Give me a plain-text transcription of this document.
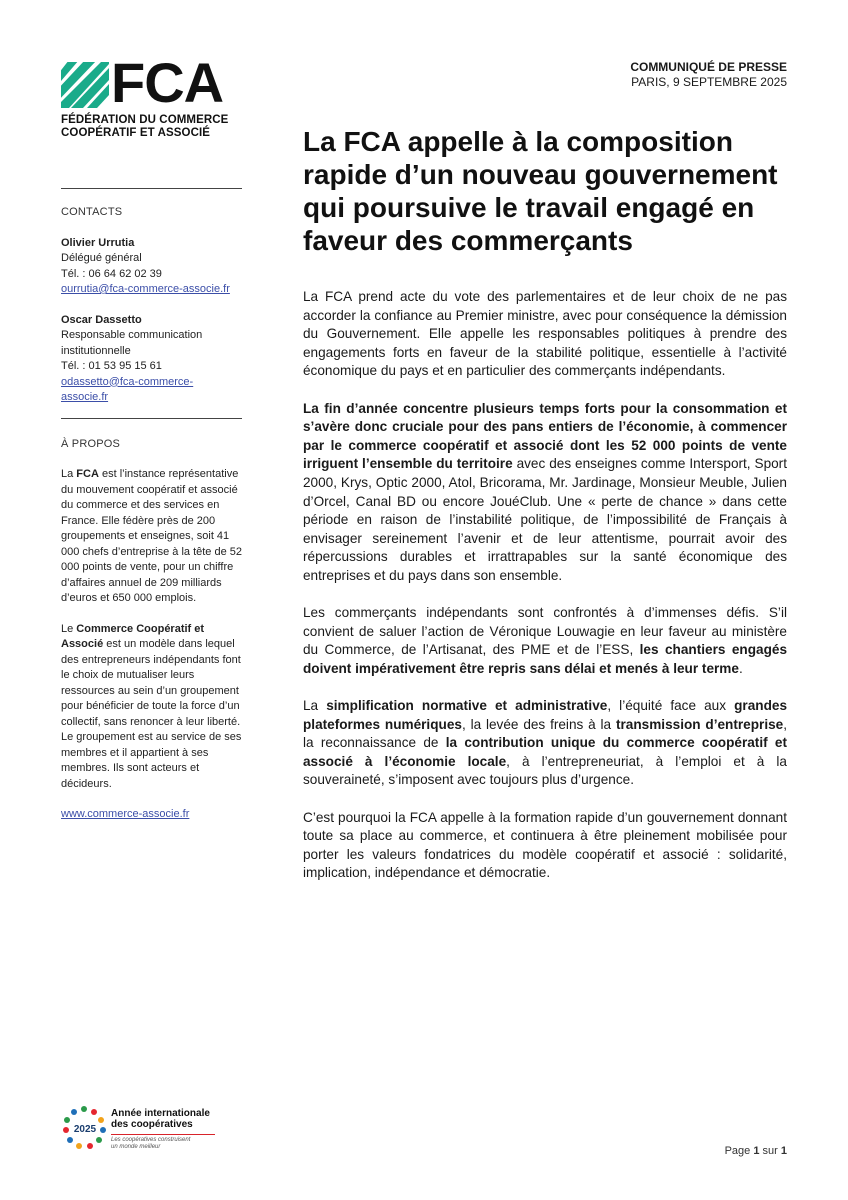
FCA
FÉDÉRATION DU COMMERCE
COOPÉRATIF ET ASSOCIÉ
COMMUNIQUÉ DE PRESSE
PARIS, 9 SEPTEMBRE 2025

CONTACTS

Olivier Urrutia

Délégué général

Tél. : 06 64 62 02 39

ourrutia@fca-commerce-associe.fr

Oscar Dassetto

Responsable communication

institutionnelle

Tél. : 01 53 95 15 61

odassetto@fca-commerce-
associe.fr

À PROPOS

La FCA est l’instance représentative du mouvement coopératif et associé du commerce et des services en France. Elle fédère près de 200 groupements et enseignes, soit 41 000 chefs d’entreprise à la tête de 52 000 points de vente, pour un chiffre d’affaires annuel de 209 milliards d’euros et 650 000 emplois.

Le Commerce Coopératif et Associé est un modèle dans lequel des entrepreneurs indépendants font le choix de mutualiser leurs ressources au sein d’un groupement pour bénéficier de toute la force d’un collectif, sans renoncer à leur liberté. Le groupement est au service de ses membres et il appartient à ses membres. Ils sont acteurs et décideurs.

www.commerce-associe.fr

La FCA appelle à la composition rapide d’un nouveau gouvernement qui poursuive le travail engagé en faveur des commerçants

La FCA prend acte du vote des parlementaires et de leur choix de ne pas accorder la confiance au Premier ministre, avec pour conséquence la démission du Gouvernement. Elle appelle les responsables politiques à prendre des engagements forts en faveur de la stabilité politique, essentielle à l’activité économique du pays et en particulier des commerçants indépendants.

La fin d’année concentre plusieurs temps forts pour la consommation et s’avère donc cruciale pour des pans entiers de l’économie, à commencer par le commerce coopératif et associé dont les 52 000 points de vente irriguent l’ensemble du territoire avec des enseignes comme Intersport, Sport 2000, Krys, Optic 2000, Atol, Bricorama, Mr. Jardinage, Monsieur Meuble, Julien d’Orcel, Canal BD ou encore JouéClub. Une « perte de chance » dans cette période en raison de l’instabilité politique, de l’impossibilité de Français à envisager sereinement l’avenir et de leur attentisme, pourrait avoir des répercussions durables et irrattrapables sur la santé économique des entreprises et du pays dans son ensemble.

Les commerçants indépendants sont confrontés à d’immenses défis. S’il convient de saluer l’action de Véronique Louwagie en leur faveur au ministère du Commerce, de l’Artisanat, des PME et de l’ESS, les chantiers engagés doivent impérativement être repris sans délai et menés à leur terme.

La simplification normative et administrative, l’équité face aux grandes plateformes numériques, la levée des freins à la transmission d’entreprise, la reconnaissance de la contribution unique du commerce coopératif et associé à l’économie locale, à l’entrepreneuriat, à l’emploi et à la souveraineté, s’imposent avec toujours plus d’urgence.

C’est pourquoi la FCA appelle à la formation rapide d’un gouvernement donnant toute sa place au commerce, et continuera à être pleinement mobilisée pour porter les valeurs fondatrices du modèle coopératif et associé : solidarité, implication, indépendance et démocratie.

2025
Année internationale
des coopératives
Les coopératives construisent
un monde meilleur	Page 1 sur 1
